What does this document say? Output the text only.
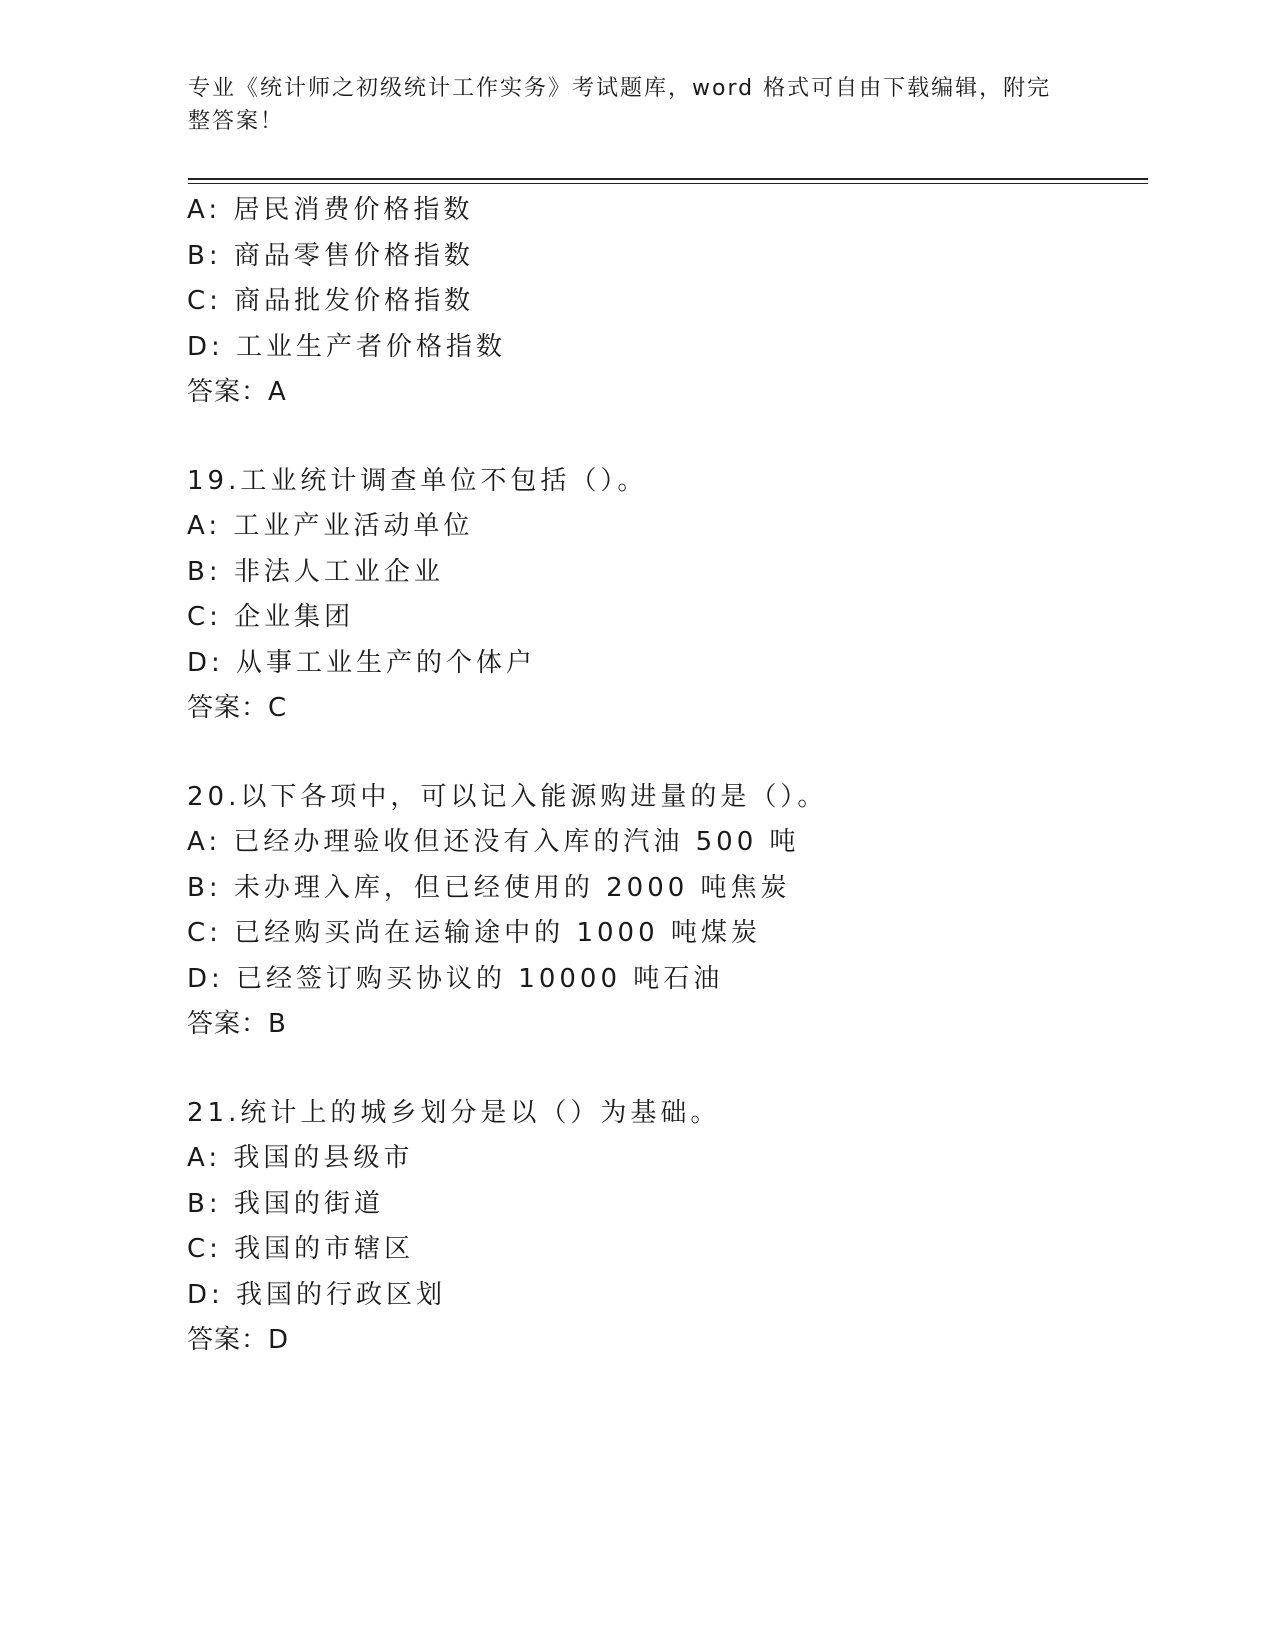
专业《统计师之初级统计工作实务》考试题库，word 格式可自由下载编辑，附完
整答案！
A: 居民消费价格指数
B: 商品零售价格指数
C: 商品批发价格指数
D: 工业生产者价格指数
答案：A
19.工业统计调查单位不包括（）。
A: 工业产业活动单位
B: 非法人工业企业
C: 企业集团
D: 从事工业生产的个体户
答案：C
20.以下各项中，可以记入能源购进量的是（）。
A: 已经办理验收但还没有入库的汽油 500 吨
B: 未办理入库，但已经使用的 2000 吨焦炭
C: 已经购买尚在运输途中的 1000 吨煤炭
D: 已经签订购买协议的 10000 吨石油
答案：B
21.统计上的城乡划分是以（）为基础。
A: 我国的县级市
B: 我国的街道
C: 我国的市辖区
D: 我国的行政区划
答案：D
